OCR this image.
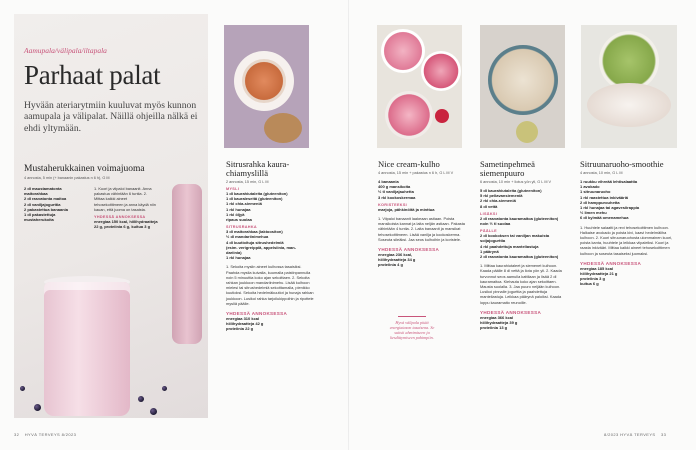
Aamupala/välipala/iltapala
Parhaat palat
Hyvään ateriarytmiin kuuluvat myös kunnon aamupala ja välipalat. Näillä ohjeilla nälkä ei ehdi yltymään.
Mustaherukkainen voimajuoma
4 annosta, 5 min (+ banaanin pakastus n 6 h), G M
2 dl maustamatonta
maitorahkaa
2 dl rasvatonta maitoa
2 dl vaniljajogurttia
2 pakastettua banaania
1 dl pakastettuja
mustaherukoita
1. Kuori ja viipaloi banaanit. Anna pakastua vähintään 6 tuntia. 2. Mittaa kaikki aineet tehosekoittimeen ja anna käydä niin kauan, että juoma on tasaista.
YHDESSÄ ANNOKSESSA
energiaa 150 kcal, hiilihydraatteja
22 g, proteiinia 6 g, kuitua 3 g
Sitrusrahka kaura-chiamyslillä
2 annosta, 15 min, G L M
MYSLI
1 dl kaurahiutaleita (gluteeniton)
1 dl kauraleseitä (gluteeniton)
1 rkl chia-siemeniä
1 rkl hunajaa
1 rkl öljyä
ripaus suolaa
SITRUSRAHKA
3 dl maitorahkaa (laktoositon)
½ dl mandariinimehua
4 dl kuutioituja sitrushedelmiä
(esim. verigreippiä, appelsiinia, man-
dariinia)
1 rkl hunajaa
1. Sekoita myslin aineet kulhossa tasaisiksi. Paahda myslia kuivalla, kuumalla paistinpannulla noin 5 minuuttia koko ajan sekoittaen. 2. Sekoita rahkan joukkoon mandariinimehu. Lisää kulhoon mielesi tai sitrushedelmiä sekoittamalla, pienikko kuutioksi. Sekoita hedelmäkuutiot ja hunaja rahkan joukkoon. Lusikoi rahka tarjoilukippoihin ja ripottele mysliä päälle.
YHDESSÄ ANNOKSESSA
energiaa 310 kcal
hiilihydraatteja 42 g
proteiinia 22 g
Nice cream-kulho
4 annosta, 15 min + pakastus n 6 h, G L M V
4 banaania
400 g mansikoita
½ tl vaniljajauhetta
3 rkl kookoskermaa
KORISTEEKSI
marjoja, pähkinöitä ja minttua
1. Viipaloi banaanit laakeaan astiaan. Poista mansikoista kannat ja laita neljän astiaan. Pakasta vähintään 4 tuntia. 2. Laita banaanit ja mansikat tehosekoittimeen. Lisää vanilja ja kookoskerma. Soseuta sileäksi. Jaa seos kulhoihin ja koristele.
YHDESSÄ ANNOKSESSA
energiaa 236 kcal,
hiilihydraatteja 34 g
proteiinia 4 g
Hyvä välipala pitää energiatason tasaisena. Se suitsii ahmimiseen ja kesdittymiseen pahimpiin.
Sametinpehmeä siemenpuuro
6 annosta, 10 min + liotus yön yli, G L M V
5 dl kaurahiutaleita (gluteeniton)
5 rkl pellavansiemeniä
2 rkl chia-siemeniä
8 dl vettä
LISÄKSI
2 dl rasvatonta kauramaitoa (gluteeniton)
noin ½ tl suolaa
PÄÄLLE
2 dl kookoksen tai vaniljan makuista
soijajogurttia
4 rkl paahdettuja manteliastuja
1 päärynä
2 dl rasvatonta kauramaitoa (gluteeniton)
1. Mittaa kaurahiutaleet ja siemenet kulhoon. Kaada päälle 8 dl vettä ja liota yön yli. 2. Kaada turvonnut seos aamulla kattilaan ja lisää 2 dl kauramaitoa. Kiehauta koko ajan sekoittaen. Mausta suolalla. 3. Jaa puuro neljään kulhoon. Lusikoi pinnalle jogurttia ja paahdettuja manteliastuja. Leikkaa päärynä paloiksi. Kaada loppu kauramaito reunoille.
YHDESSÄ ANNOKSESSA
energiaa 366 kcal
hiilihydraatteja 39 g
proteiinia 13 g
Sitruunaruoho-smoothie
4 annosta, 10 min, G L M
1 ruukku vihreää lehtisalaattia
1 avokado
1 sitruunaruoho
1 rkl raastettua inkivääriä
2 dl hamppurouhetta
1 rkl hunajaa tai agavesiirappia
½ limen mehu
6 dl kylmää omenamehua
1. Huuhtele salaatti ja revi tehosekoittimen kulhoon. Halkaise avokado ja poista kivi, kaavi hedelmäliha kulhoon. 2. Kuori sitruunaruohosta ulommainen kuori, poista kanta, huuhtele ja leikkaa viipaleiksi. Kuori ja raasta inkivääri. Mittaa kaikki aineet tehosekoittimen kulhoon ja soseuta tasaiseksi juomaksi.
YHDESSÄ ANNOKSESSA
energiaa 185 kcal
hiilihydraatteja 21 g
proteiinia 3 g
kuitua 6 g
32 HYVÄ TERVEYS 8/2023	8/2023 HYVÄ TERVEYS 33
